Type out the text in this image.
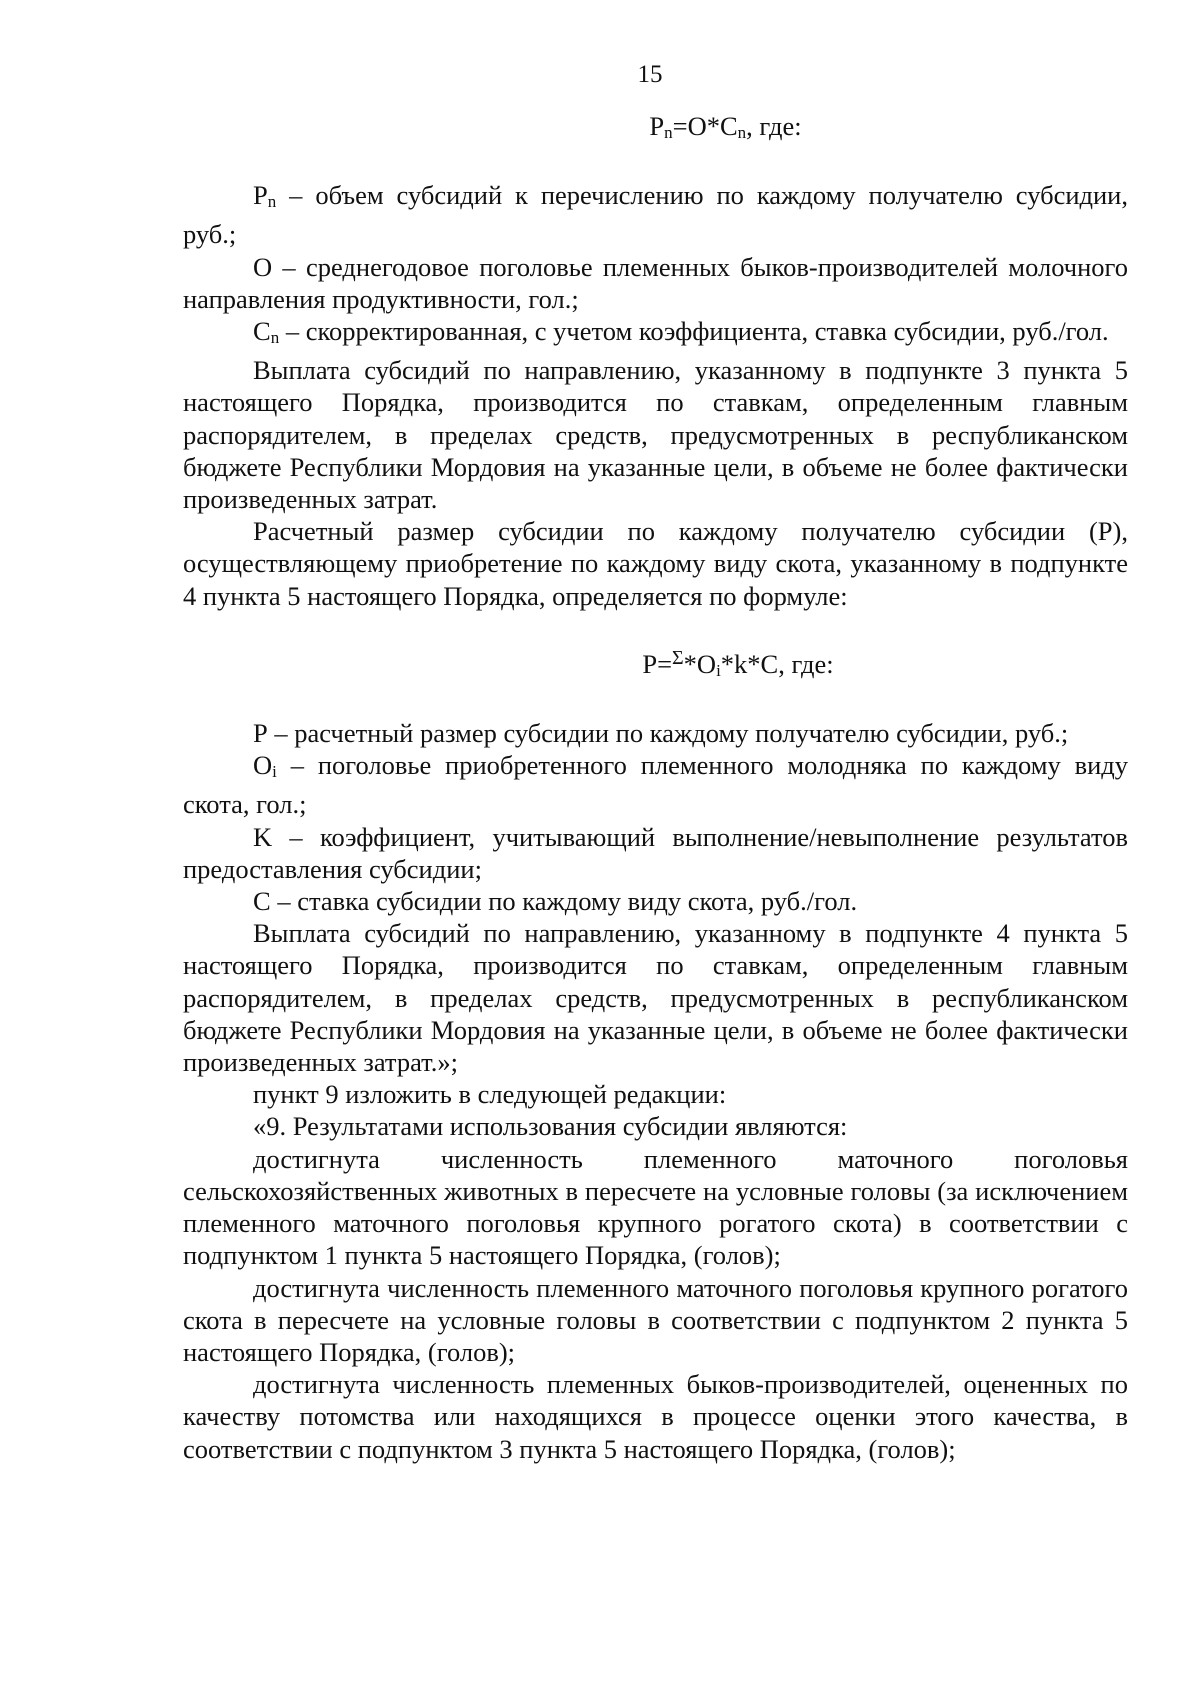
15
Pn=O*Cn, где:

Pn – объем субсидий к перечислению по каждому получателю субсидии, руб.;

О – среднегодовое поголовье племенных быков-производителей молочного направления продуктивности, гол.;

Cn – скорректированная, с учетом коэффициента, ставка субсидии, руб./гол.

Выплата субсидий по направлению, указанному в подпункте 3 пункта 5 настоящего Порядка, производится по ставкам, определенным главным распорядителем, в пределах средств, предусмотренных в республиканском бюджете Республики Мордовия на указанные цели, в объеме не более фактически произведенных затрат.

Расчетный размер субсидии по каждому получателю субсидии (Р), осуществляющему приобретение по каждому виду скота, указанному в подпункте 4 пункта 5 настоящего Порядка, определяется по формуле:

P=$^\Sigma$*Oi*k*C, где:

Р – расчетный размер субсидии по каждому получателю субсидии, руб.;

Oi – поголовье приобретенного племенного молодняка по каждому виду скота, гол.;

K – коэффициент, учитывающий выполнение/невыполнение результатов предоставления субсидии;

С – ставка субсидии по каждому виду скота, руб./гол.

Выплата субсидий по направлению, указанному в подпункте 4 пункта 5 настоящего Порядка, производится по ставкам, определенным главным распорядителем, в пределах средств, предусмотренных в республиканском бюджете Республики Мордовия на указанные цели, в объеме не более фактически произведенных затрат.»;

пункт 9 изложить в следующей редакции:

«9. Результатами использования субсидии являются:

достигнута численность племенного маточного поголовья сельскохозяйственных животных в пересчете на условные головы (за исключением племенного маточного поголовья крупного рогатого скота) в соответствии с подпунктом 1 пункта 5 настоящего Порядка, (голов);

достигнута численность племенного маточного поголовья крупного рогатого скота в пересчете на условные головы в соответствии с подпунктом 2 пункта 5 настоящего Порядка, (голов);

достигнута численность племенных быков-производителей, оцененных по качеству потомства или находящихся в процессе оценки этого качества, в соответствии с подпунктом 3 пункта 5 настоящего Порядка, (голов);
